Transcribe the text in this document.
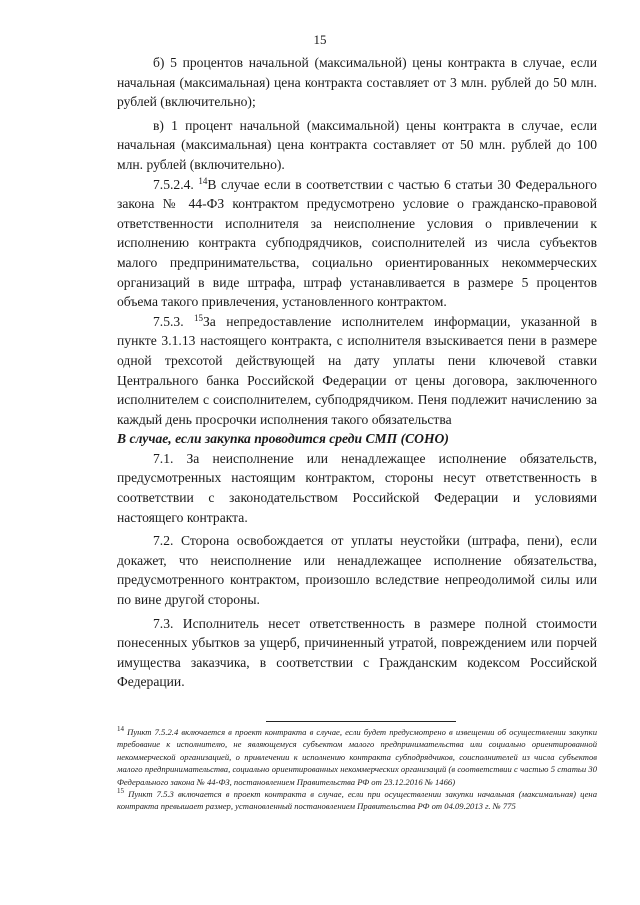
15

б) 5 процентов начальной (максимальной) цены контракта в случае, если начальная (максимальная) цена контракта составляет от 3 млн. рублей до 50 млн. рублей (включительно);

в) 1 процент начальной (максимальной) цены контракта в случае, если начальная (максимальная) цена контракта составляет от 50 млн. рублей до 100 млн. рублей (включительно).

7.5.2.4. $^{14}$В случае если в соответствии с частью 6 статьи 30 Федерального закона № 44-ФЗ контрактом предусмотрено условие о гражданско-правовой ответственности исполнителя за неисполнение условия о привлечении к исполнению контракта субподрядчиков, соисполнителей из числа субъектов малого предпринимательства, социально ориентированных некоммерческих организаций в виде штрафа, штраф устанавливается в размере 5 процентов объема такого привлечения, установленного контрактом.

7.5.3. $^{15}$За непредоставление исполнителем информации, указанной в пункте 3.1.13 настоящего контракта, с исполнителя взыскивается пени в размере одной трехсотой действующей на дату уплаты пени ключевой ставки Центрального банка Российской Федерации от цены договора, заключенного исполнителем с соисполнителем, субподрядчиком. Пеня подлежит начислению за каждый день просрочки исполнения такого обязательства

В случае, если закупка проводится среди СМП (СОНО)

7.1. За неисполнение или ненадлежащее исполнение обязательств, предусмотренных настоящим контрактом, стороны несут ответственность в соответствии с законодательством Российской Федерации и условиями настоящего контракта.

7.2. Сторона освобождается от уплаты неустойки (штрафа, пени), если докажет, что неисполнение или ненадлежащее исполнение обязательства, предусмотренного контрактом, произошло вследствие непреодолимой силы или по вине другой стороны.

7.3. Исполнитель несет ответственность в размере полной стоимости понесенных убытков за ущерб, причиненный утратой, повреждением или порчей имущества заказчика, в соответствии с Гражданским кодексом Российской Федерации.

$^{14}$ Пункт 7.5.2.4 включается в проект контракта в случае, если будет предусмотрено в извещении об осуществлении закупки требование к исполнителю, не являющемуся субъектом малого предпринимательства или социально ориентированной некоммерческой организацией, о привлечении к исполнению контракта субподрядчиков, соисполнителей из числа субъектов малого предпринимательства, социально ориентированных некоммерческих организаций (в соответствии с частью 5 статьи 30 Федерального закона № 44-ФЗ, постановлением Правительства РФ от 23.12.2016 № 1466)

$^{15}$ Пункт 7.5.3 включается в проект контракта в случае, если при осуществлении закупки начальная (максимальная) цена контракта превышает размер, установленный постановлением Правительства РФ от 04.09.2013 г. № 775
